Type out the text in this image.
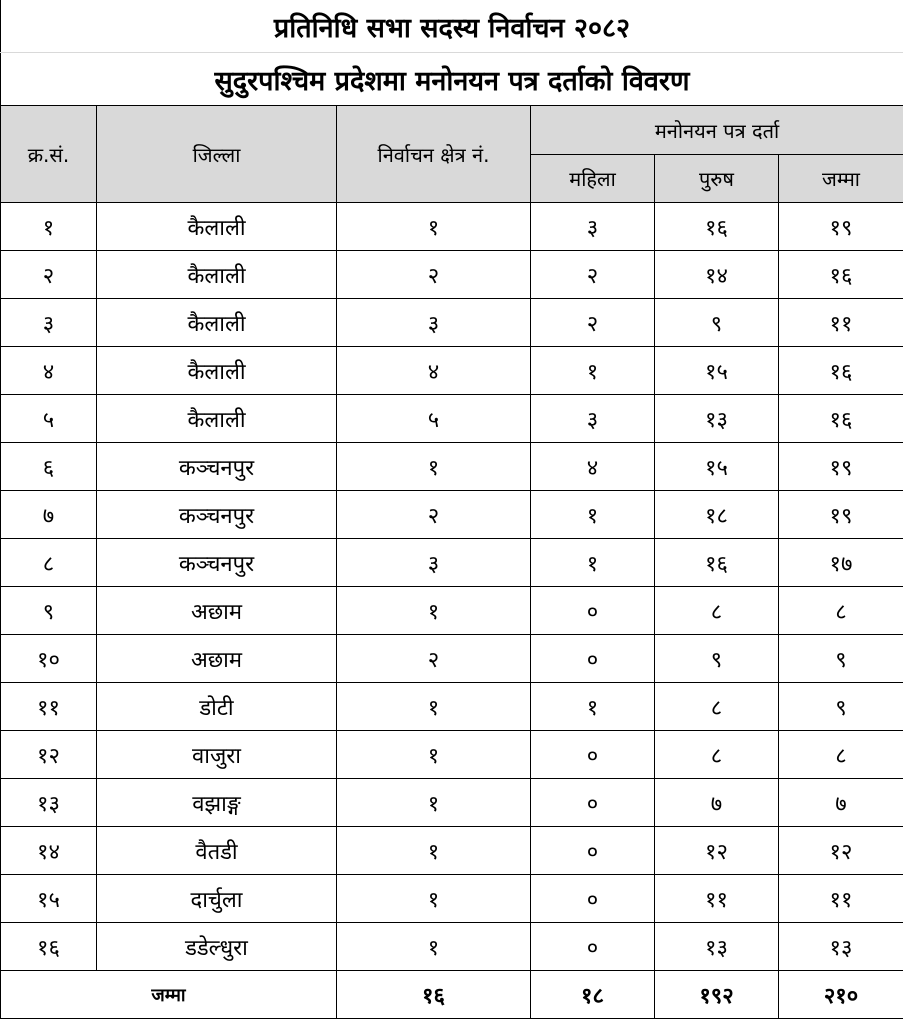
प्रतिनिधि सभा सदस्य निर्वाचन २०८२					
सुदुरपश्चिम प्रदेशमा मनोनयन पत्र दर्ताको विवरण					
क्र.सं.	जिल्ला	निर्वाचन क्षेत्र नं.	मनोनयन पत्र दर्ता		
			महिला	पुरुष	जम्मा
१	कैलाली	१	३	१६	१९
२	कैलाली	२	२	१४	१६
३	कैलाली	३	२	९	११
४	कैलाली	४	१	१५	१६
५	कैलाली	५	३	१३	१६
६	कञ्चनपुर	१	४	१५	१९
७	कञ्चनपुर	२	१	१८	१९
८	कञ्चनपुर	३	१	१६	१७
९	अछाम	१	०	८	८
१०	अछाम	२	०	९	९
११	डोटी	१	१	८	९
१२	वाजुरा	१	०	८	८
१३	वझाङ्ग	१	०	७	७
१४	वैतडी	१	०	१२	१२
१५	दार्चुला	१	०	११	११
१६	डडेल्धुरा	१	०	१३	१३
जम्मा		१६	१८	१९२	२१०
